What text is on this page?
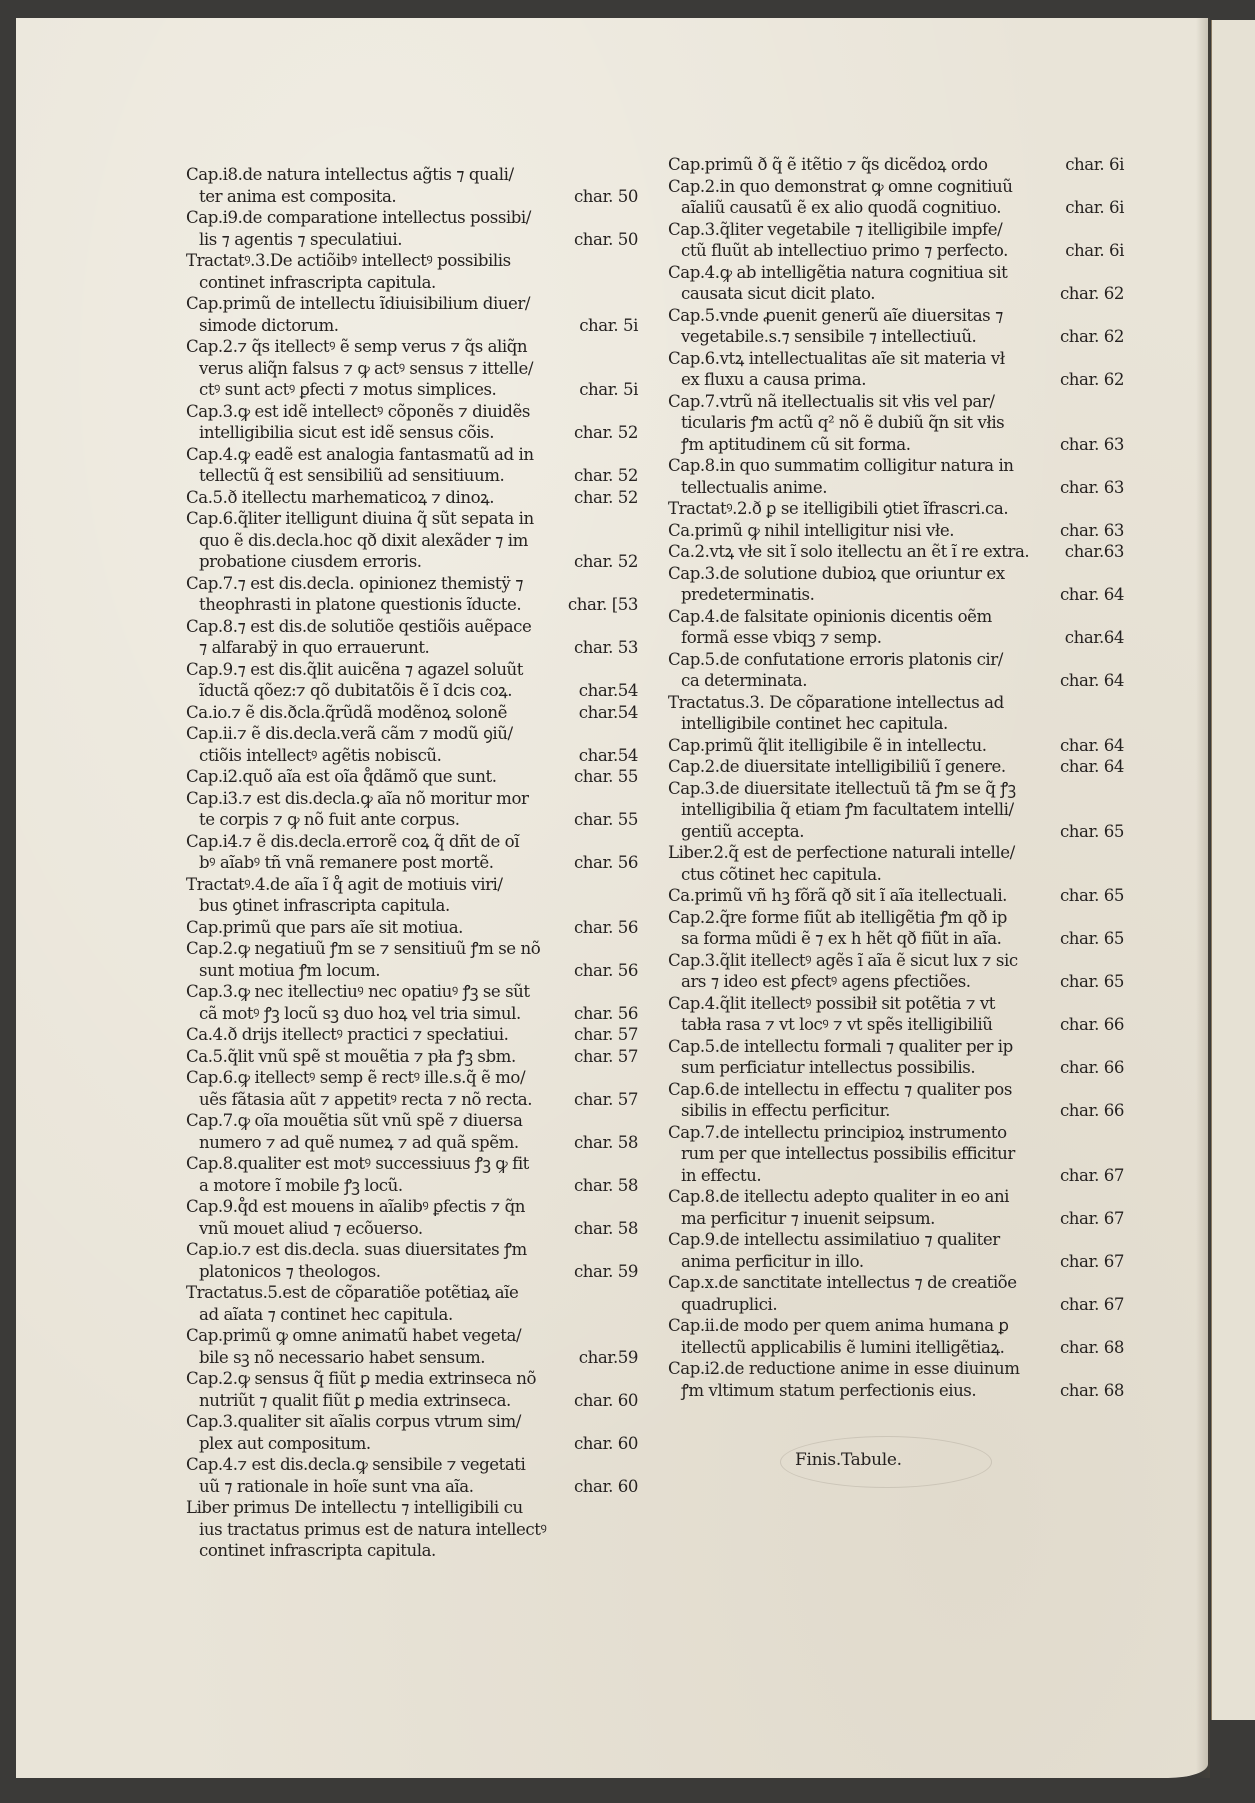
Cap.i8.de natura intellectus ag̃tis ⁊ quali/
ter anima est composita.	char. 50
Cap.i9.de comparatione intellectus possibi/
lis ⁊ agentis ⁊ speculatiui.	char. 50
Tractatꝰ.3.De actiõibꝰ intellectꝰ possibilis
continet infrascripta capitula.
Cap.primũ de intellectu ĩdiuisibilium diuer/
simode dictorum.	char. 5i
Cap.2.⁊ q̃s itellectꝰ ẽ semp verus ⁊ q̃s aliq̃n
verus aliq̃n falsus ⁊ ꝙ actꝰ sensus ⁊ ittelle/
ctꝰ sunt actꝰ ꝑfecti ⁊ motus simplices.	char. 5i
Cap.3.ꝙ est idẽ intellectꝰ cõponẽs ⁊ diuidẽs
intelligibilia sicut est idẽ sensus cõis.	char. 52
Cap.4.ꝙ eadẽ est analogia fantasmatũ ad in
tellectũ q̃ est sensibiliũ ad sensitiuum.	char. 52
Ca.5.ð itellectu marhematicoꝝ ⁊ dinoꝝ.	char. 52
Cap.6.q̃liter itelligunt diuina q̃ sũt sepata in
quo ẽ dis.decla.hoc qð dixit alexãder ⁊ im
probatione ciusdem erroris.	char. 52
Cap.7.⁊ est dis.decla. opinionez themistӱ ⁊
theophrasti in platone questionis ĩducte.	char. [53
Cap.8.⁊ est dis.de solutiõe qestiõis auẽpace
⁊ alfarabӱ in quo errauerunt.	char. 53
Cap.9.⁊ est dis.q̃lit auicẽna ⁊ agazel soluũt
ĩductã qõez:⁊ qõ dubitatõis ẽ ĩ dcis coꝝ.	char.54
Ca.io.⁊ ẽ dis.ðcla.q̃rũdã modẽnoꝝ solonẽ	char.54
Cap.ii.⁊ ẽ dis.decla.verã cãm ⁊ modũ ꝯiũ/
ctiõis intellectꝰ agẽtis nobiscũ.	char.54
Cap.i2.quõ aĩa est oĩa q̊dãmõ que sunt.	char. 55
Cap.i3.⁊ est dis.decla.ꝙ aĩa nõ moritur mor
te corpis ⁊ ꝙ nõ fuit ante corpus.	char. 55
Cap.i4.⁊ ẽ dis.decla.errorẽ coꝝ q̃ dñt de oĩ
bꝰ aĩabꝰ tñ vnã remanere post mortẽ.	char. 56
Tractatꝰ.4.de aĩa ĩ q̊ agit de motiuis viri/
bus ꝯtinet infrascripta capitula.
Cap.primũ que pars aĩe sit motiua.	char. 56
Cap.2.ꝙ negatiuũ ꝭm se ⁊ sensitiuũ ꝭm se nõ
sunt motiua ꝭm locum.	char. 56
Cap.3.ꝙ nec itellectiuꝰ nec opatiuꝰ ꝭꝫ se sũt
cã motꝰ ꝭꝫ locũ sꝫ duo hoꝝ vel tria simul.	char. 56
Ca.4.ð drijs itellectꝰ practici ⁊ specłatiui.	char. 57
Ca.5.q̃lit vnũ spẽ st mouẽtia ⁊ pła ꝭꝫ sbm.	char. 57
Cap.6.ꝙ itellectꝰ semp ẽ rectꝰ ille.s.q̃ ẽ mo/
uẽs fãtasia aũt ⁊ appetitꝰ recta ⁊ nõ recta.	char. 57
Cap.7.ꝙ oĩa mouẽtia sũt vnũ spẽ ⁊ diuersa
numero ⁊ ad quẽ numeꝝ ⁊ ad quã spẽm.	char. 58
Cap.8.qualiter est motꝰ successiuus ꝭꝫ ꝙ fit
a motore ĩ mobile ꝭꝫ locũ.	char. 58
Cap.9.q̊d est mouens in aĩalibꝰ ꝑfectis ⁊ q̃n
vnũ mouet aliud ⁊ ecõuerso.	char. 58
Cap.io.⁊ est dis.decla. suas diuersitates ꝭm
platonicos ⁊ theologos.	char. 59
Tractatus.5.est de cõparatiõe potẽtiaꝝ aĩe
ad aĩata ⁊ continet hec capitula.
Cap.primũ ꝙ omne animatũ habet vegeta/
bile sꝫ nõ necessario habet sensum.	char.59
Cap.2.ꝙ sensus q̃ fiũt ꝑ media extrinseca nõ
nutriũt ⁊ qualit fiũt ꝑ media extrinseca.	char. 60
Cap.3.qualiter sit aĩalis corpus vtrum sim/
plex aut compositum.	char. 60
Cap.4.⁊ est dis.decla.ꝙ sensibile ⁊ vegetati
uũ ⁊ rationale in hoĩe sunt vna aĩa.	char. 60
Liber primus De intellectu ⁊ intelligibili cu
ius tractatus primus est de natura intellectꝰ
continet infrascripta capitula.
Cap.primũ ð q̃ ẽ itẽtio ⁊ q̃s dicẽdoꝝ ordo	char. 6i
Cap.2.in quo demonstrat ꝙ omne cognitiuũ
aĩaliũ causatũ ẽ ex alio quodã cognitiuo.	char. 6i
Cap.3.q̃liter vegetabile ⁊ itelligibile impfe/
ctũ fluũt ab intellectiuo primo ⁊ perfecto.	char. 6i
Cap.4.ꝙ ab intelligẽtia natura cognitiua sit
causata sicut dicit plato.	char. 62
Cap.5.vnde ꝓuenit generũ aĩe diuersitas ⁊
vegetabile.s.⁊ sensibile ⁊ intellectiuũ.	char. 62
Cap.6.vtꝝ intellectualitas aĩe sit materia vł
ex fluxu a causa prima.	char. 62
Cap.7.vtrũ nã itellectualis sit vłis vel par/
ticularis ꝭm actũ q² nõ ẽ dubiũ q̃n sit vłis
ꝭm aptitudinem cũ sit forma.	char. 63
Cap.8.in quo summatim colligitur natura in
tellectualis anime.	char. 63
Tractatꝰ.2.ð ꝑ se itelligibili ꝯtiet ĩfrascri.ca.
Ca.primũ ꝙ nihil intelligitur nisi vłe.	char. 63
Ca.2.vtꝝ vłe sit ĩ solo itellectu an ẽt ĩ re extra. char.63
Cap.3.de solutione dubioꝝ que oriuntur ex
predeterminatis.	char. 64
Cap.4.de falsitate opinionis dicentis oẽm
formã esse vbiqꝫ ⁊ semp.	char.64
Cap.5.de confutatione erroris platonis cir/
ca determinata.	char. 64
Tractatus.3. De cõparatione intellectus ad
intelligibile continet hec capitula.
Cap.primũ q̃lit itelligibile ẽ in intellectu.	char. 64
Cap.2.de diuersitate intelligibiliũ ĩ genere.	char. 64
Cap.3.de diuersitate itellectuũ tã ꝭm se q̃ ꝭꝫ
intelligibilia q̃ etiam ꝭm facultatem intelli/
gentiũ accepta.	char. 65
Liber.2.q̃ est de perfectione naturali intelle/
ctus cõtinet hec capitula.
Ca.primũ vñ hꝫ fõrã qð sit ĩ aĩa itellectuali.	char. 65
Cap.2.q̃re forme fiũt ab itelligẽtia ꝭm qð ip
sa forma mũdi ẽ ⁊ ex h hẽt qð fiũt in aĩa.	char. 65
Cap.3.q̃lit itellectꝰ agẽs ĩ aĩa ẽ sicut lux ⁊ sic
ars ⁊ ideo est ꝑfectꝰ agens ꝑfectiões.	char. 65
Cap.4.q̃lit itellectꝰ possibił sit potẽtia ⁊ vt
tabła rasa ⁊ vt locꝰ ⁊ vt spẽs itelligibiliũ	char. 66
Cap.5.de intellectu formali ⁊ qualiter per ip
sum perficiatur intellectus possibilis.	char. 66
Cap.6.de intellectu in effectu ⁊ qualiter pos
sibilis in effectu perficitur.	char. 66
Cap.7.de intellectu principioꝝ instrumento
rum per que intellectus possibilis efficitur
in effectu.	char. 67
Cap.8.de itellectu adepto qualiter in eo ani
ma perficitur ⁊ inuenit seipsum.	char. 67
Cap.9.de intellectu assimilatiuo ⁊ qualiter
anima perficitur in illo.	char. 67
Cap.x.de sanctitate intellectus ⁊ de creatiõe
quadruplici.	char. 67
Cap.ii.de modo per quem anima humana ꝑ
itellectũ applicabilis ẽ lumini itelligẽtiaꝝ.	char. 68
Cap.i2.de reductione anime in esse diuinum
ꝭm vltimum statum perfectionis eius.	char. 68
Finis.Tabule.
